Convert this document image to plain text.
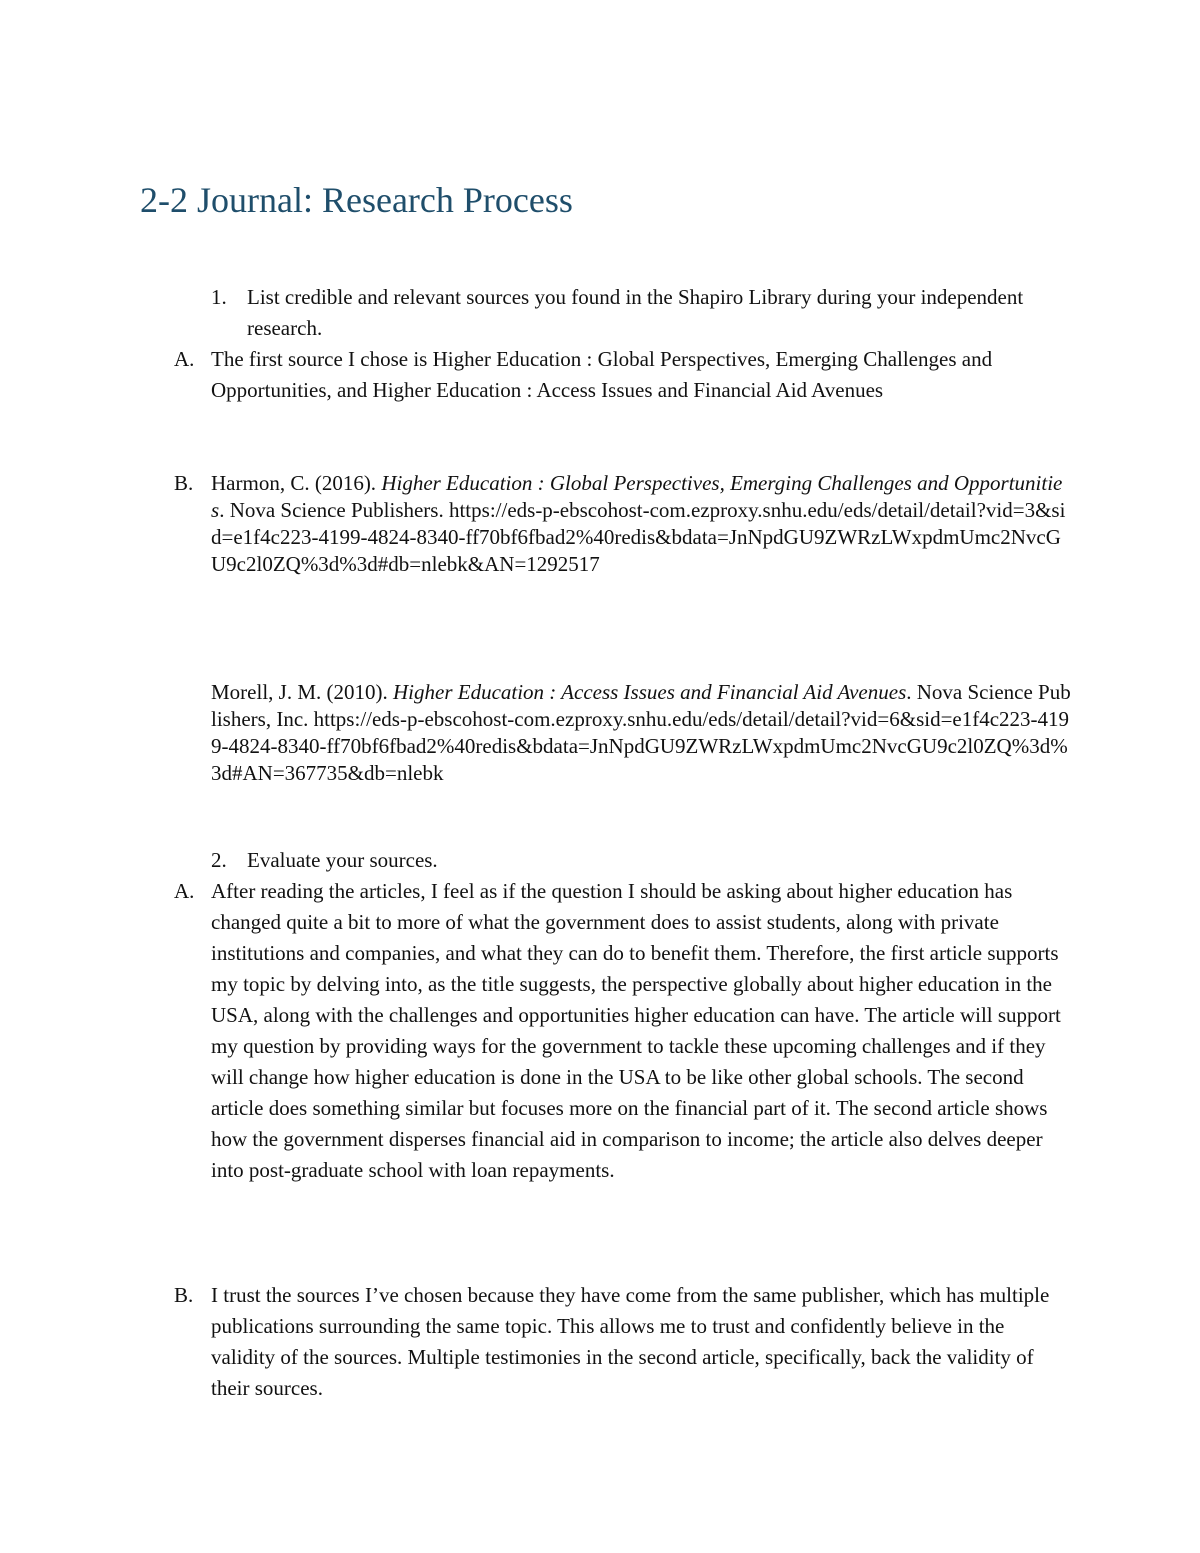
2-2 Journal: Research Process
1. List credible and relevant sources you found in the Shapiro Library during your independent research.
A. The first source I chose is Higher Education : Global Perspectives, Emerging Challenges and Opportunities, and Higher Education : Access Issues and Financial Aid Avenues
B. Harmon, C. (2016). Higher Education : Global Perspectives, Emerging Challenges and Opportunities. Nova Science Publishers. https://eds-p-ebscohost-com.ezproxy.snhu.edu/eds/detail/detail?vid=3&sid=e1f4c223-4199-4824-8340-ff70bf6fbad2%40redis&bdata=JnNpdGU9ZWRzLWxpdmUmc2NvcGU9c2l0ZQ%3d%3d#db=nlebk&AN=1292517
Morell, J. M. (2010). Higher Education : Access Issues and Financial Aid Avenues. Nova Science Publishers, Inc. https://eds-p-ebscohost-com.ezproxy.snhu.edu/eds/detail/detail?vid=6&sid=e1f4c223-4199-4824-8340-ff70bf6fbad2%40redis&bdata=JnNpdGU9ZWRzLWxpdmUmc2NvcGU9c2l0ZQ%3d%3d#AN=367735&db=nlebk
2. Evaluate your sources.
A. After reading the articles, I feel as if the question I should be asking about higher education has changed quite a bit to more of what the government does to assist students, along with private institutions and companies, and what they can do to benefit them. Therefore, the first article supports my topic by delving into, as the title suggests, the perspective globally about higher education in the USA, along with the challenges and opportunities higher education can have. The article will support my question by providing ways for the government to tackle these upcoming challenges and if they will change how higher education is done in the USA to be like other global schools. The second article does something similar but focuses more on the financial part of it. The second article shows how the government disperses financial aid in comparison to income; the article also delves deeper into post-graduate school with loan repayments.
B. I trust the sources I’ve chosen because they have come from the same publisher, which has multiple publications surrounding the same topic. This allows me to trust and confidently believe in the validity of the sources. Multiple testimonies in the second article, specifically, back the validity of their sources.
